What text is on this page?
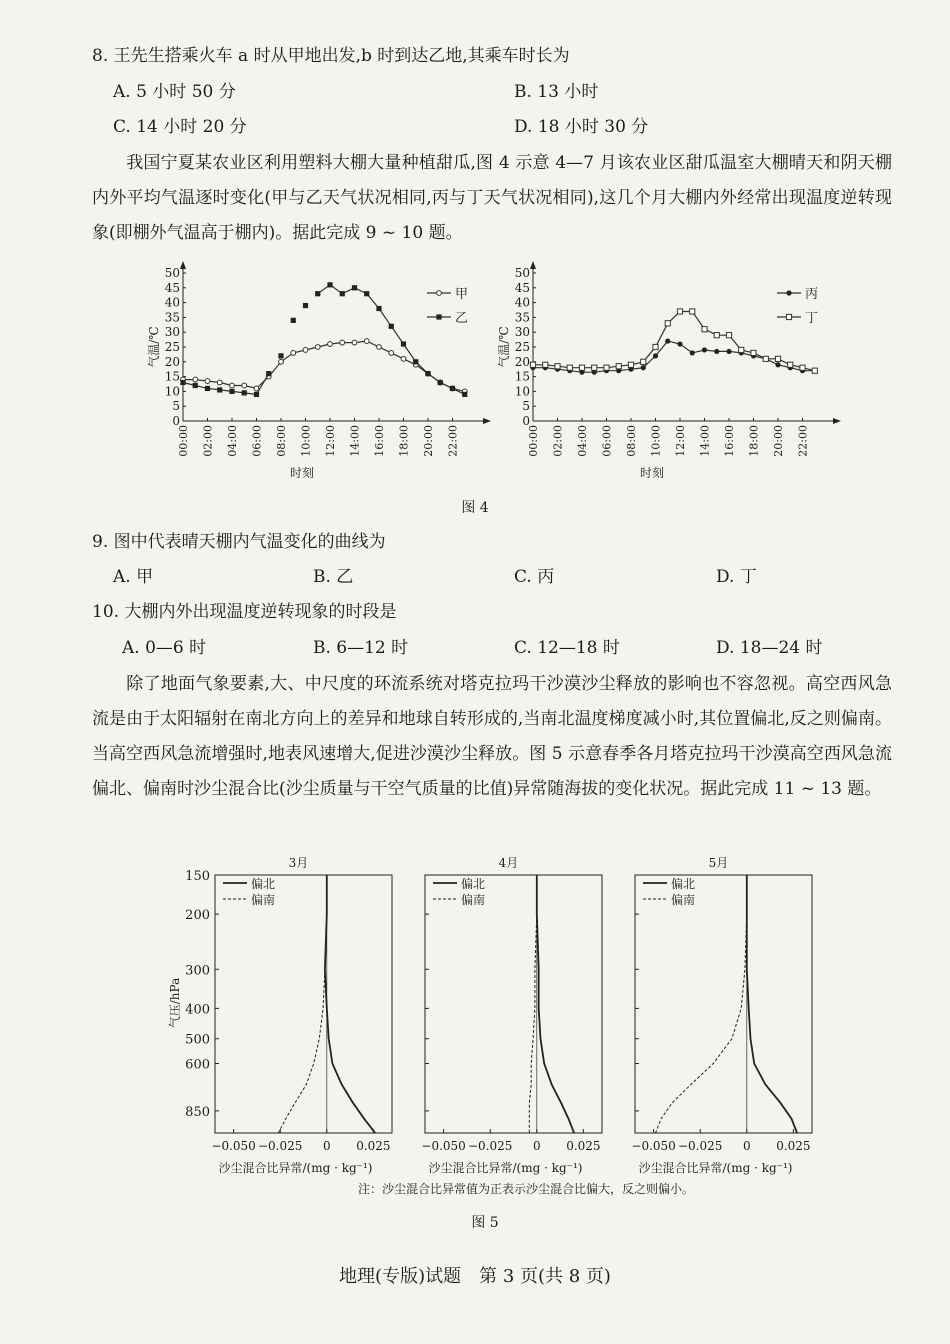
8. 王先生搭乘火车 a 时从甲地出发,b 时到达乙地,其乘车时长为
A. 5 小时 50 分	B. 13 小时
C. 14 小时 20 分	D. 18 小时 30 分
我国宁夏某农业区利用塑料大棚大量种植甜瓜,图 4 示意 4—7 月该农业区甜瓜温室大棚晴天和阴天棚内外平均气温逐时变化(甲与乙天气状况相同,丙与丁天气状况相同),这几个月大棚内外经常出现温度逆转现象(即棚外气温高于棚内)。据此完成 9 ~ 10 题。
0
5
10
15
20
25
30
35
40
45
50
00:00 02:00 04:00 06:00 08:00 10:00 12:00 14:00 16:00 18:00 20:00 22:00
气温/℃
时刻
甲
乙
0
5
10
15
20
25
30
35
40
45
50
00:00 02:00 04:00 06:00 08:00 10:00 12:00 14:00 16:00 18:00 20:00 22:00
气温/℃
时刻
丙
丁
图 4
9. 图中代表晴天棚内气温变化的曲线为
A. 甲	B. 乙	C. 丙	D. 丁
10. 大棚内外出现温度逆转现象的时段是
A. 0—6 时	B. 6—12 时	C. 12—18 时	D. 18—24 时
除了地面气象要素,大、中尺度的环流系统对塔克拉玛干沙漠沙尘释放的影响也不容忽视。高空西风急流是由于太阳辐射在南北方向上的差异和地球自转形成的,当南北温度梯度减小时,其位置偏北,反之则偏南。当高空西风急流增强时,地表风速增大,促进沙漠沙尘释放。图 5 示意春季各月塔克拉玛干沙漠高空西风急流偏北、偏南时沙尘混合比(沙尘质量与干空气质量的比值)异常随海拔的变化状况。据此完成 11 ~ 13 题。
3月
150
200
300
400
500
600
850
气压/hPa
−0.050 −0.025 0 0.025
沙尘混合比异常/(mg · kg⁻¹)
偏北
偏南
4月
−0.050 −0.025 0 0.025
沙尘混合比异常/(mg · kg⁻¹)
偏北
偏南
5月
−0.050 −0.025 0 0.025
沙尘混合比异常/(mg · kg⁻¹)
偏北
偏南
注：沙尘混合比异常值为正表示沙尘混合比偏大，反之则偏小。
图 5
地理(专版)试题　第 3 页(共 8 页)
